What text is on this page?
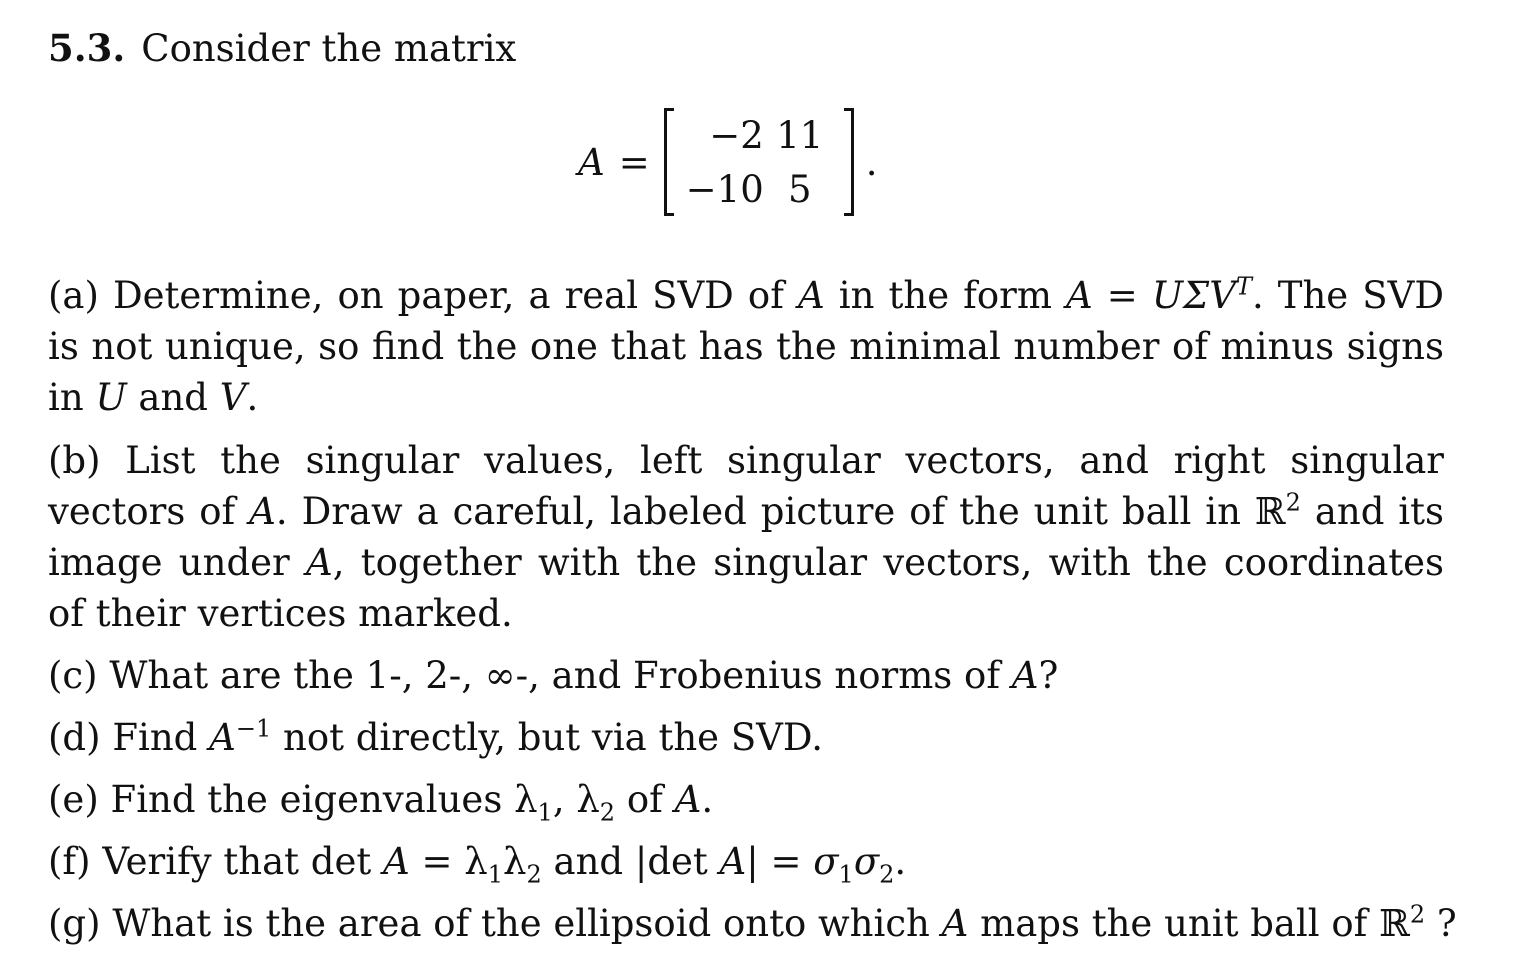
5.3. Consider the matrix
A =
−2 11
−10 5
.
(a) Determine, on paper, a real SVD of A in the form $A = U\Sigma V^T$. The SVD is not unique, so find the one that has the minimal number of minus signs in U and V.
(b) List the singular values, left singular vectors, and right singular vectors of A. Draw a careful, labeled picture of the unit ball in ℝ$^2$ and its image under A, together with the singular vectors, with the coordinates of their vertices marked.
(c) What are the 1-, 2-, ∞-, and Frobenius norms of A?
(d) Find $A^{-1}$ not directly, but via the SVD.
(e) Find the eigenvalues $\lambda_1$, $\lambda_2$ of A.
(f) Verify that $\det A = \lambda_1\lambda_2$ and |det $A| = \sigma_1\sigma_2$.
(g) What is the area of the ellipsoid onto which A maps the unit ball of ℝ$^2$ ?
